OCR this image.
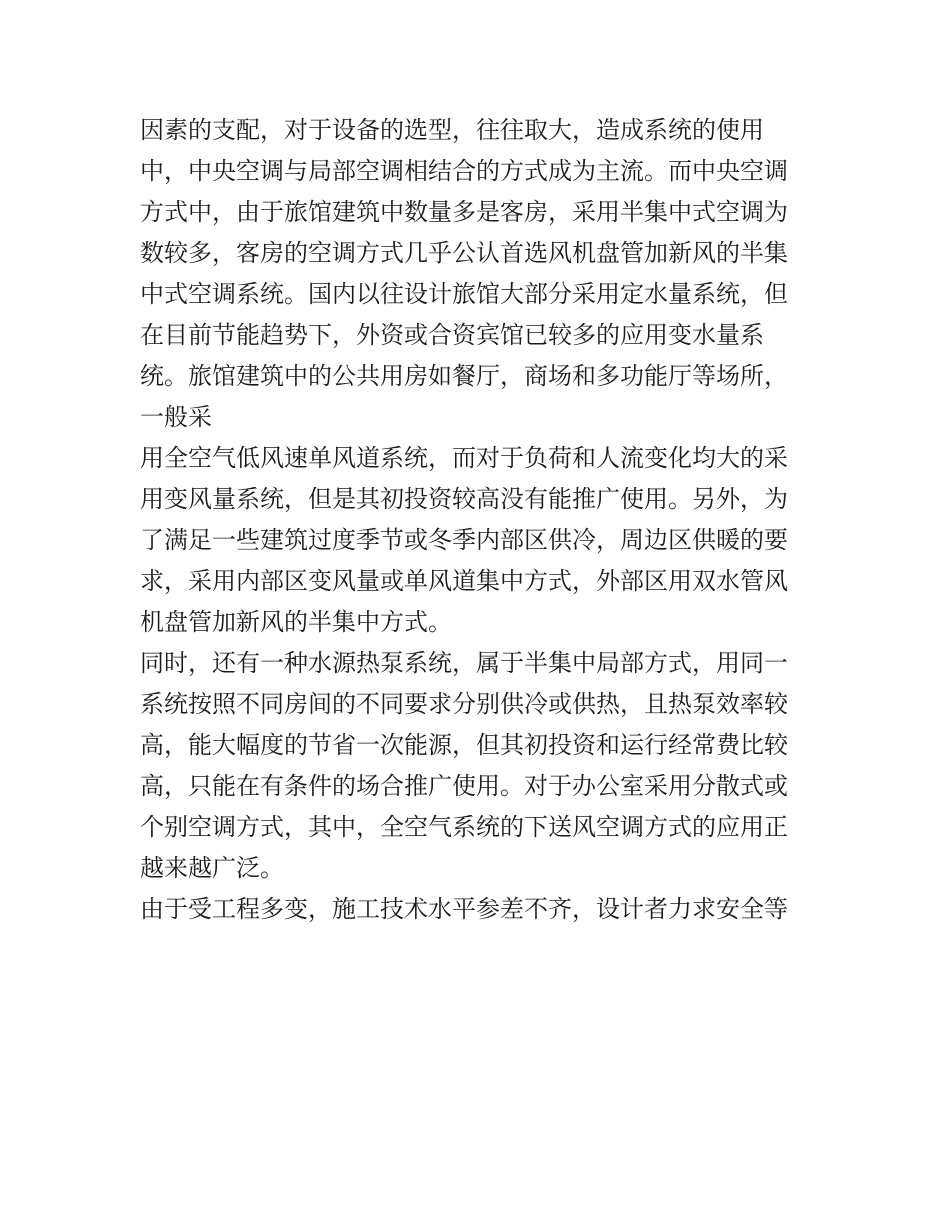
因素的支配，对于设备的选型，往往取大，造成系统的使用
中，中央空调与局部空调相结合的方式成为主流。而中央空调
方式中，由于旅馆建筑中数量多是客房，采用半集中式空调为
数较多，客房的空调方式几乎公认首选风机盘管加新风的半集
中式空调系统。国内以往设计旅馆大部分采用定水量系统，但
在目前节能趋势下，外资或合资宾馆已较多的应用变水量系
统。旅馆建筑中的公共用房如餐厅，商场和多功能厅等场所，
一般采
用全空气低风速单风道系统，而对于负荷和人流变化均大的采
用变风量系统，但是其初投资较高没有能推广使用。另外，为
了满足一些建筑过度季节或冬季内部区供冷，周边区供暖的要
求，采用内部区变风量或单风道集中方式，外部区用双水管风
机盘管加新风的半集中方式。
同时，还有一种水源热泵系统，属于半集中局部方式，用同一
系统按照不同房间的不同要求分别供冷或供热，且热泵效率较
高，能大幅度的节省一次能源，但其初投资和运行经常费比较
高，只能在有条件的场合推广使用。对于办公室采用分散式或
个别空调方式，其中，全空气系统的下送风空调方式的应用正
越来越广泛。
由于受工程多变，施工技术水平参差不齐，设计者力求安全等
